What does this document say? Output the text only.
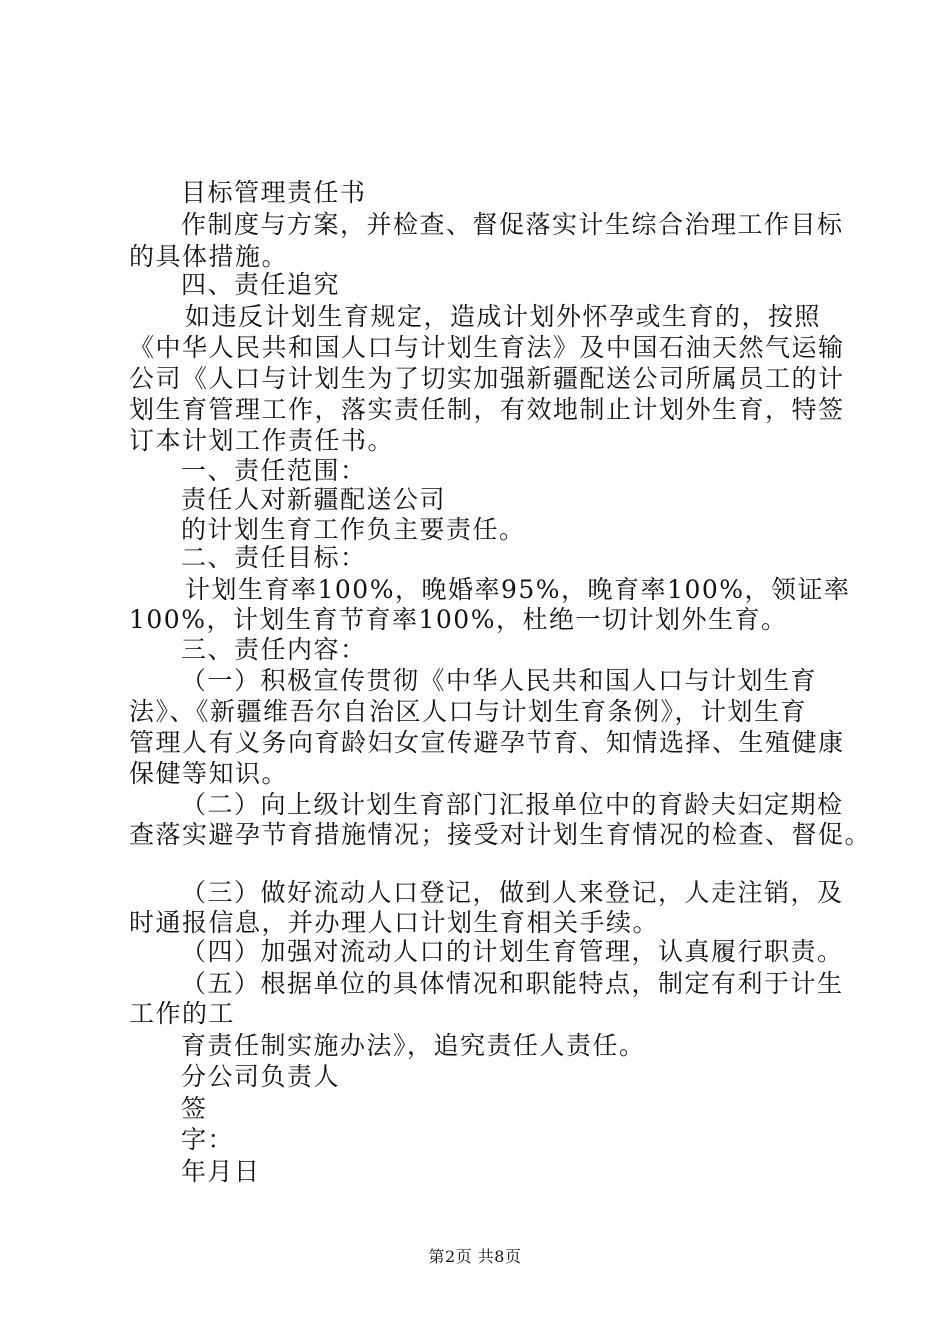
目标管理责任书
作制度与方案，并检查、督促落实计生综合治理工作目标
的具体措施。
四、责任追究
如违反计划生育规定，造成计划外怀孕或生育的，按照
《中华人民共和国人口与计划生育法》及中国石油天然气运输
公司《人口与计划生为了切实加强新疆配送公司所属员工的计
划生育管理工作，落实责任制，有效地制止计划外生育，特签
订本计划工作责任书。
一、责任范围：
责任人对新疆配送公司
的计划生育工作负主要责任。
二、责任目标：
计划生育率100%，晚婚率95%，晚育率100%，领证率
100%，计划生育节育率100%，杜绝一切计划外生育。
三、责任内容：
（一）积极宣传贯彻《中华人民共和国人口与计划生育
法》、《新疆维吾尔自治区人口与计划生育条例》，计划生育
管理人有义务向育龄妇女宣传避孕节育、知情选择、生殖健康
保健等知识。
（二）向上级计划生育部门汇报单位中的育龄夫妇定期检
查落实避孕节育措施情况；接受对计划生育情况的检查、督促。
（三）做好流动人口登记，做到人来登记，人走注销，及
时通报信息，并办理人口计划生育相关手续。
（四）加强对流动人口的计划生育管理，认真履行职责。
（五）根据单位的具体情况和职能特点，制定有利于计生
工作的工
育责任制实施办法》，追究责任人责任。
分公司负责人
签
字：
年月日
第2页 共8页
